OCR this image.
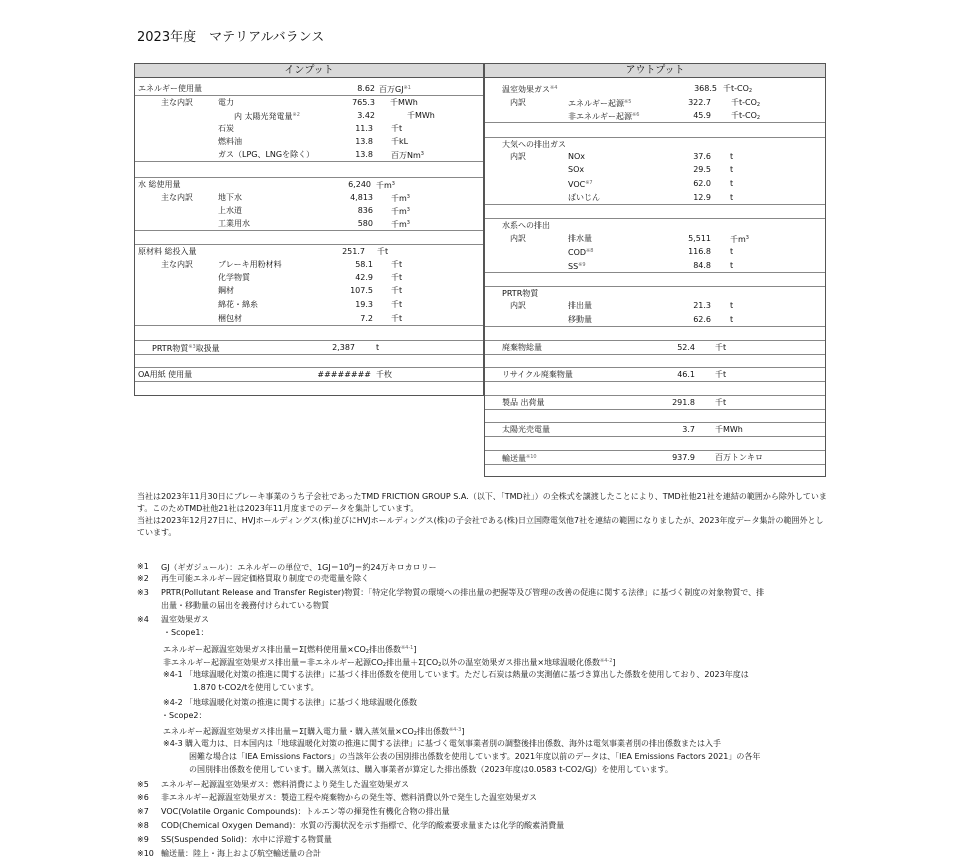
2023年度　マテリアルバランス
インプット
エネルギー使用量	8.62 百万GJ$^{※1}$
主な内訳	電力	765.3 千MWh
内 太陽光発電量$^{※2}$	3.42	千MWh
石炭	11.3 千t
燃料油	13.8 千kL
ガス（LPG、LNGを除く）	13.8 百万Nm$^3$
水 総使用量	6,240 千$m^3$
主な内訳	地下水	4,813 千$m^3$
上水道	836 千$m^3$
工業用水	580 千$m^3$
原材料 総投入量	251.7 千t
主な内訳	ブレーキ用粉材料	58.1 千t
化学物質	42.9 千t
鋼材	107.5 千t
綿花・綿糸	19.3 千t
梱包材	7.2 千t
PRTR物質$^{※3}$取扱量	2,387	t
OA用紙 使用量	######## 千枚
アウトプット
温室効果ガス$^{※4}$	368.5 千$t-CO_2$
内訳	エネルギー起源$^{※5}$	322.7	千$t-CO_2$
非エネルギー起源$^{※6}$	45.9	千$t-CO_2$
大気への排出ガス
内訳	NOx	37.6 t
SOx	29.5 t
VOC$^{※7}$	62.0 t
ばいじん	12.9 t
水系への排出
内訳	排水量	5,511 千$m^3$
COD$^{※8}$	116.8 t
SS$^{※9}$	84.8 t
PRTR物質
内訳	排出量	21.3 t
移動量	62.6 t
廃棄物総量	52.4	千t
リサイクル廃棄物量	46.1	千t
製品 出荷量	291.8	千t
太陽光売電量	3.7	千MWh
輸送量$^{※10}$	937.9	百万トンキロ

当社は2023年11月30日にブレーキ事業のうち子会社であったTMD FRICTION GROUP S.A.（以下、「TMD社」）の全株式を譲渡したことにより、TMD社他21社を連結の範囲から除外しています。このためTMD社他21社は2023年11月度までのデータを集計しています。

当社は2023年12月27日に、HVJホールディングス(株)並びにHVJホールディングス(株)の子会社である(株)日立国際電気他7社を連結の範囲になりましたが、2023年度データ集計の範囲外としています。

※1 GJ（ギガジュール）：エネルギーの単位で、$1GJ=10^9J=$約24万キロカロリー
※2 再生可能エネルギー固定価格買取り制度での売電量を除く
※3 PRTR(Pollutant Release and Transfer Register)物質：「特定化学物質の環境への排出量の把握等及び管理の改善の促進に関する法律」に基づく制度の対象物質で、排
出量・移動量の届出を義務付けられている物質
※4 温室効果ガス
・Scope1：
エネルギー起源温室効果ガス排出量＝Σ[燃料使用量$\times CO_2$排出係数$^{※4-1}$]
非エネルギー起源温室効果ガス排出量＝非エネルギー起源$CO_2$排出量$+\Sigma[CO_2$以外の温室効果ガス排出量×地球温暖化係数$^{※4-2}$]
※4-1 「地球温暖化対策の推進に関する法律」に基づく排出係数を使用しています。ただし石炭は熱量の実測値に基づき算出した係数を使用しており、2023年度は
1.870 t-CO2/tを使用しています。
※4-2 「地球温暖化対策の推進に関する法律」に基づく地球温暖化係数
・Scope2：
エネルギー起源温室効果ガス排出量＝Σ[購入電力量・購入蒸気量$\times CO_2$排出係数$^{※4-3}$]
※4-3 購入電力は、日本国内は「地球温暖化対策の推進に関する法律」に基づく電気事業者別の調整後排出係数、海外は電気事業者別の排出係数または入手
困難な場合は「IEA Emissions Factors」の当該年公表の国別排出係数を使用しています。2021年度以前のデータは、「IEA Emissions Factors 2021」の各年
の国別排出係数を使用しています。購入蒸気は、購入事業者が算定した排出係数（2023年度は0.0583 t-CO2/GJ）を使用しています。
※5 エネルギー起源温室効果ガス：燃料消費により発生した温室効果ガス
※6 非エネルギー起源温室効果ガス：製造工程や廃棄物からの発生等、燃料消費以外で発生した温室効果ガス
※7 VOC(Volatile Organic Compounds)：トルエン等の揮発性有機化合物の排出量
※8 COD(Chemical Oxygen Demand)：水質の汚濁状況を示す指標で、化学的酸素要求量または化学的酸素消費量
※9 SS(Suspended Solid)：水中に浮遊する物質量
※10 輸送量：陸上・海上および航空輸送量の合計
